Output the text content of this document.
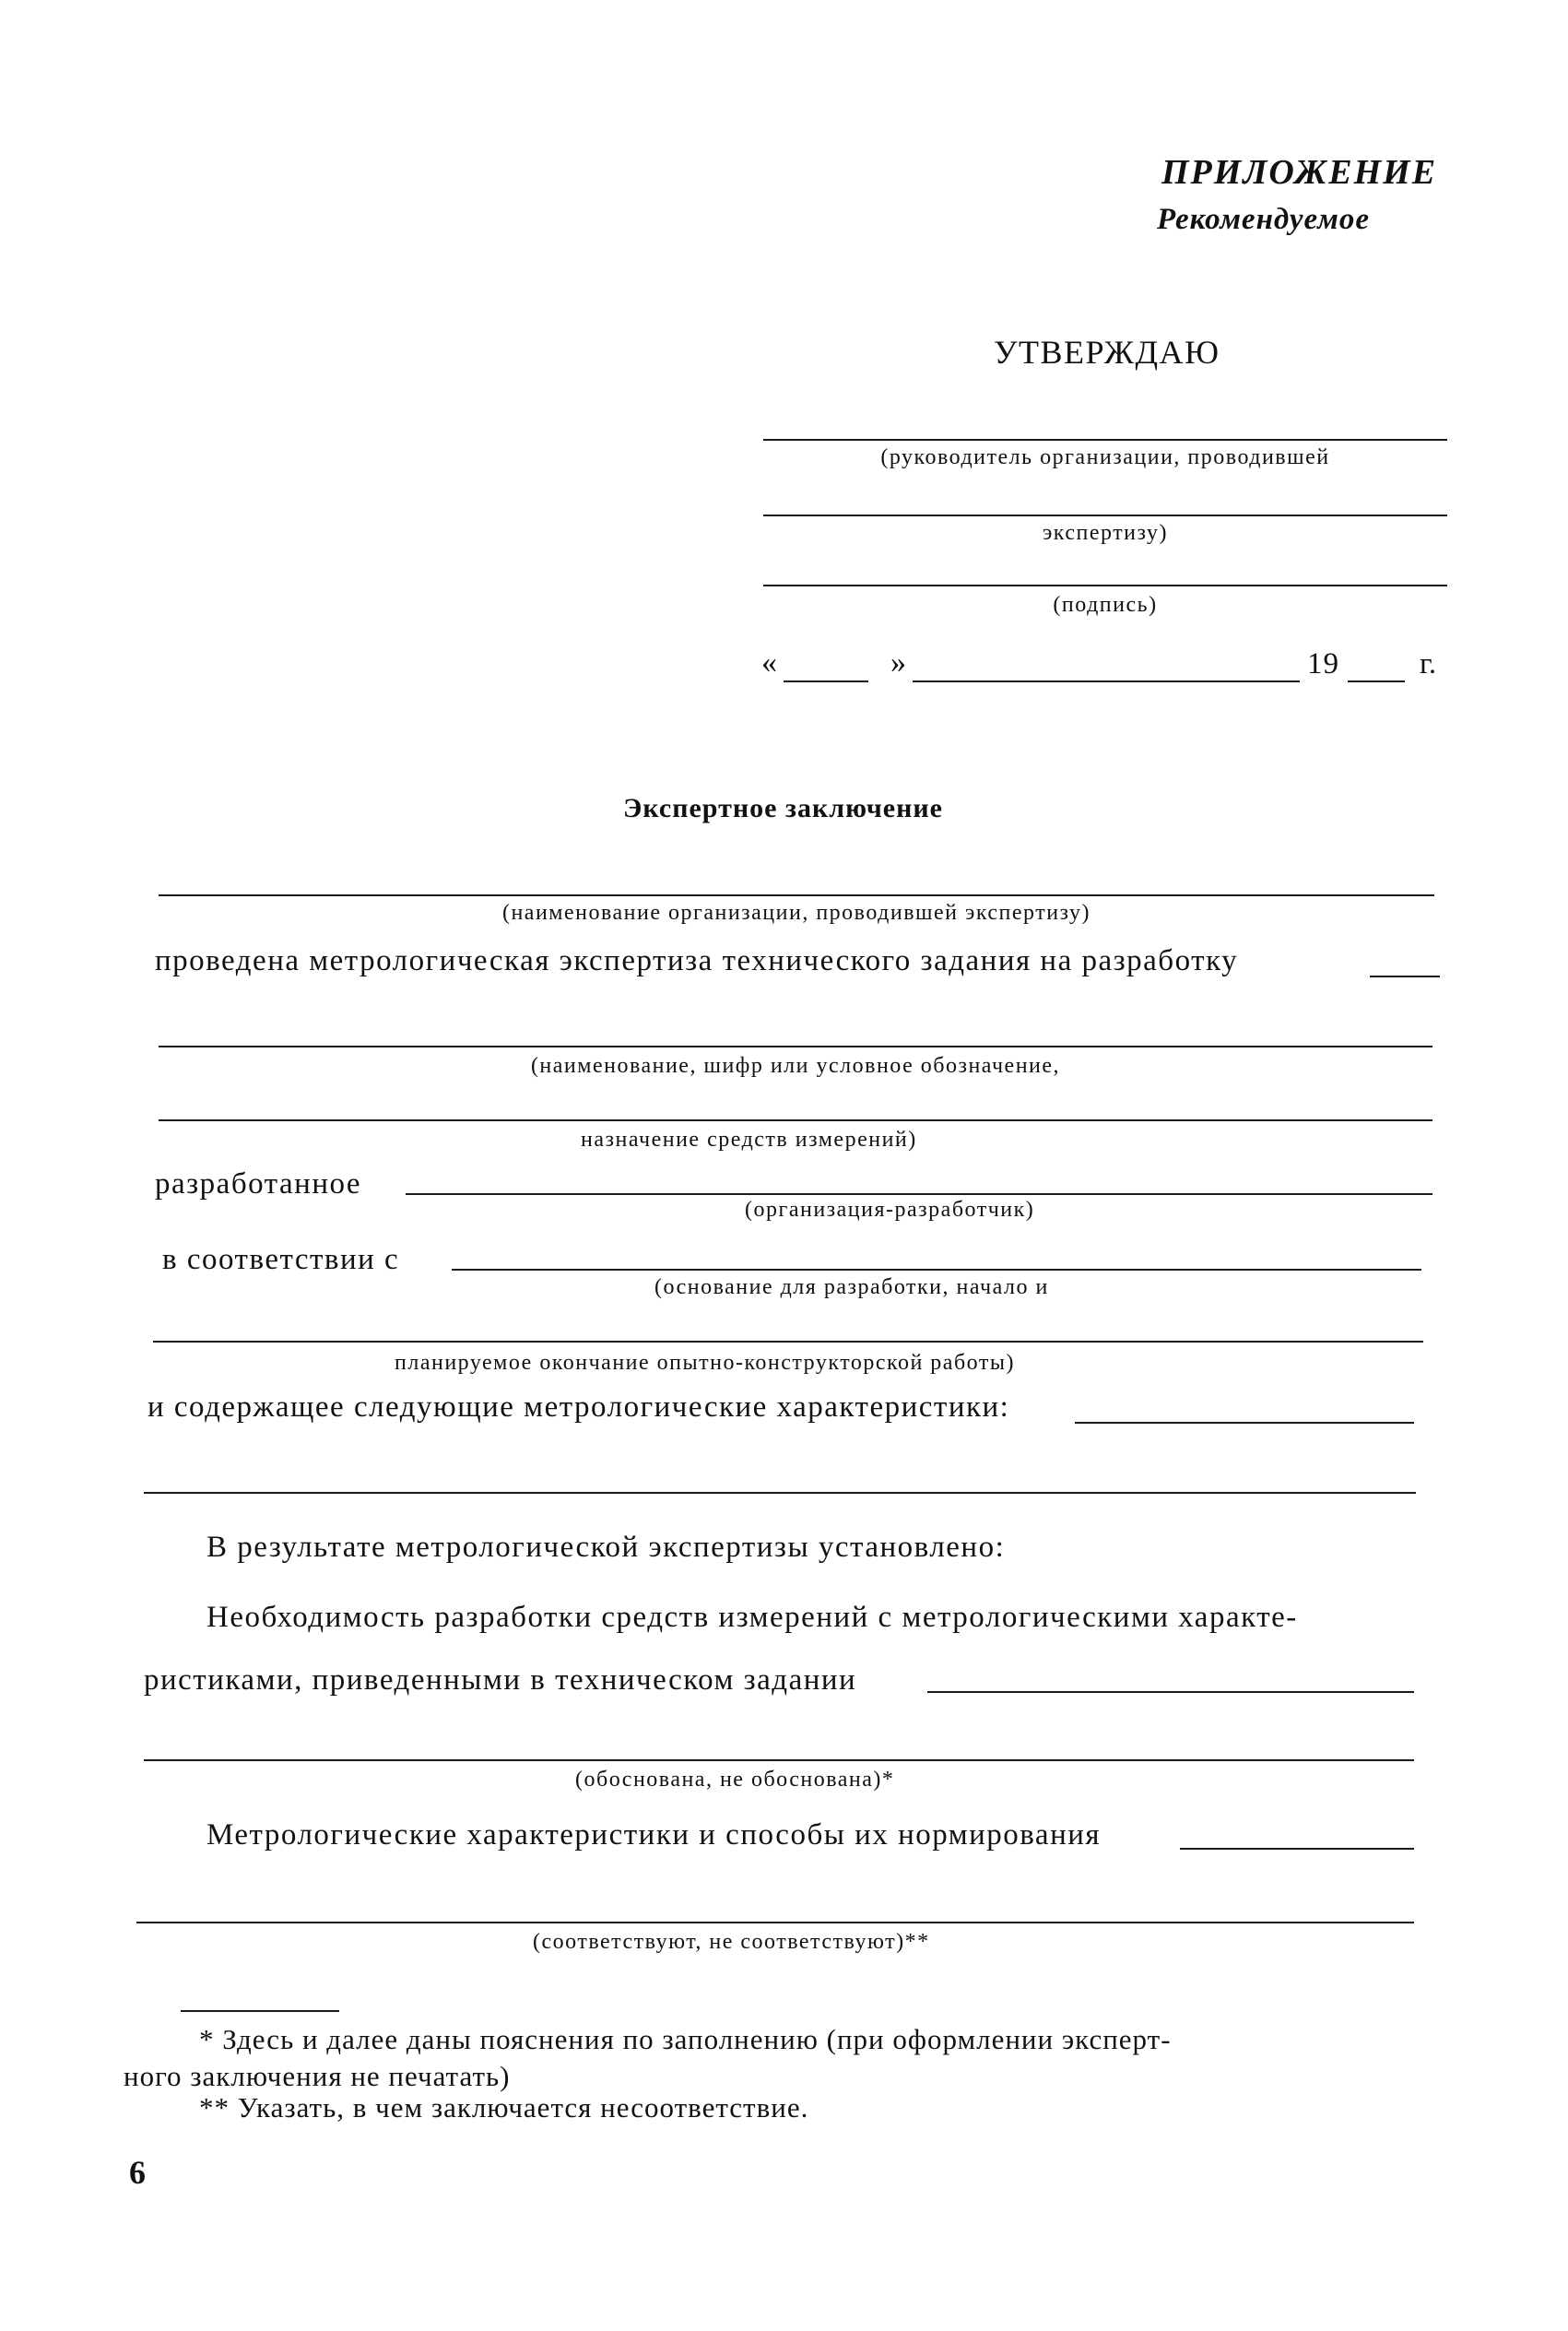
ПРИЛОЖЕНИЕ
Рекомендуемое
УТВЕРЖДАЮ
(руководитель организации, проводившей
экспертизу)
(подпись)
«	»	19	г.
Экспертное заключение
(наименование организации, проводившей экспертизу)
проведена метрологическая экспертиза технического задания на разработку
(наименование, шифр или условное обозначение,
назначение средств измерений)
разработанное
(организация-разработчик)
в соответствии с
(основание для разработки, начало и
планируемое окончание опытно-конструкторской работы)
и содержащее следующие метрологические характеристики:
В результате метрологической экспертизы установлено:
Необходимость разработки средств измерений с метрологическими характе-
ристиками, приведенными в техническом задании
(обоснована, не обоснована)*
Метрологические характеристики и способы их нормирования
(соответствуют, не соответствуют)**
* Здесь и далее даны пояснения по заполнению (при оформлении эксперт-
ного заключения не печатать)
** Указать, в чем заключается несоответствие.
6
